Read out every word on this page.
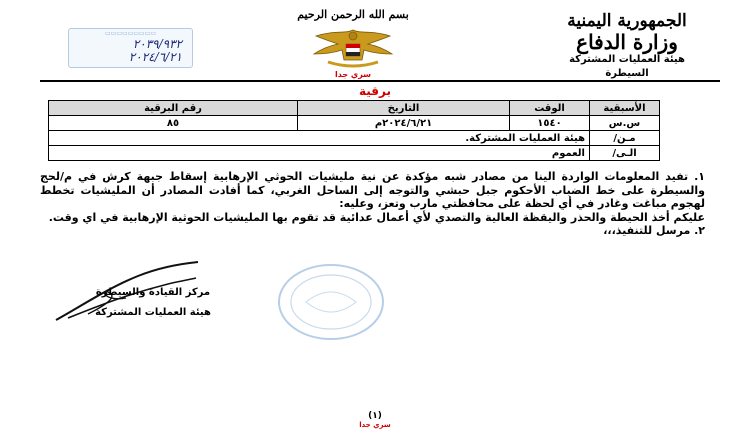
الجمهورية اليمنية
وزارة الدفاع
هيئة العمليات المشتركة
السيطرة
بسم الله الرحمن الرحيم
سري جدا
▭▭▭▭▭▭▭▭▭
٢٠٣٩/٩٣٢
٢٠٢٤/٦/٢١
برقية
الأسبقية	الوقت	التاريخ	رقم البرقية
س.س	١٥٤٠	٢٠٢٤/٦/٢١م	٨٥
مـن/	هيئة العمليات المشتركة.		
الـى/	العموم		

١. تفيد المعلومات الواردة الينا من مصادر شبه مؤكدة عن نية مليشيات الحوثي الإرهابية إسقاط جبهة كرش في م/لحج والسيطرة على خط الضباب الأحكوم جبل حبشي والتوجه إلى الساحل الغربي، كما أفادت المصادر أن المليشيات تخطط لهجوم مباغت وغادر في أي لحظة على محافظتي مارب وتعز، وعليه:

عليكم أخذ الحيطة والحذر واليقظة العالية والتصدي لأي أعمال عدائية قد تقوم بها المليشيات الحوثية الإرهابية في اي وقت.

٢. مرسل للتنفيذ،،،

مركز القيادة والسيطرة
هيئة العمليات المشتركة
(١)
سري جدا
